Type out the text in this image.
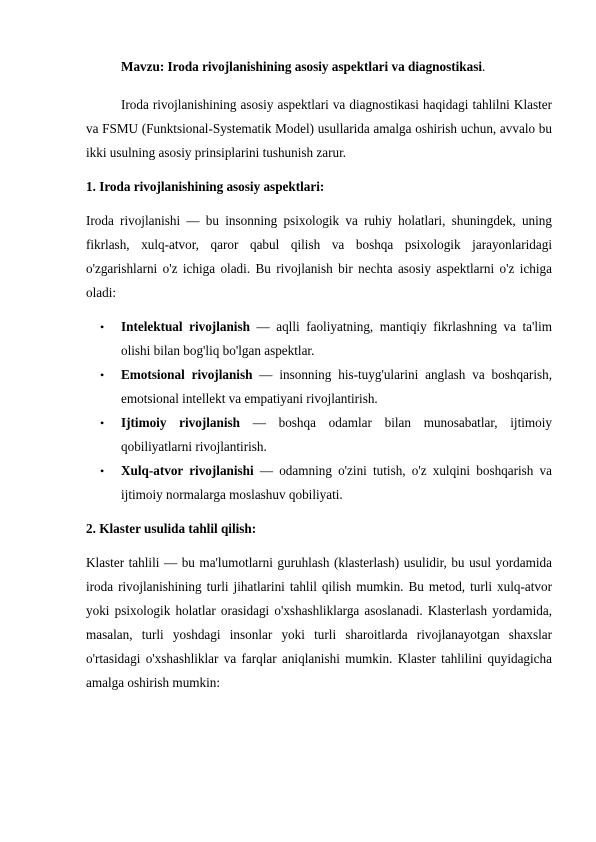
Mavzu: Iroda rivojlanishining asosiy aspektlari va diagnostikasi.

Iroda rivojlanishining asosiy aspektlari va diagnostikasi haqidagi tahlilni Klaster va FSMU (Funktsional-Systematik Model) usullarida amalga oshirish uchun, avvalo bu ikki usulning asosiy prinsiplarini tushunish zarur.

1. Iroda rivojlanishining asosiy aspektlari:

Iroda rivojlanishi — bu insonning psixologik va ruhiy holatlari, shuningdek, uning fikrlash, xulq-atvor, qaror qabul qilish va boshqa psixologik jarayonlaridagi o'zgarishlarni o'z ichiga oladi. Bu rivojlanish bir nechta asosiy aspektlarni o'z ichiga oladi:

• Intelektual rivojlanish — aqlli faoliyatning, mantiqiy fikrlashning va ta'lim olishi bilan bog'liq bo'lgan aspektlar.
• Emotsional rivojlanish — insonning his-tuyg'ularini anglash va boshqarish, emotsional intellekt va empatiyani rivojlantirish.
• Ijtimoiy rivojlanish — boshqa odamlar bilan munosabatlar, ijtimoiy qobiliyatlarni rivojlantirish.
• Xulq-atvor rivojlanishi — odamning o'zini tutish, o'z xulqini boshqarish va ijtimoiy normalarga moslashuv qobiliyati.

2. Klaster usulida tahlil qilish:

Klaster tahlili — bu ma'lumotlarni guruhlash (klasterlash) usulidir, bu usul yordamida iroda rivojlanishining turli jihatlarini tahlil qilish mumkin. Bu metod, turli xulq-atvor yoki psixologik holatlar orasidagi o'xshashliklarga asoslanadi. Klasterlash yordamida, masalan, turli yoshdagi insonlar yoki turli sharoitlarda rivojlanayotgan shaxslar o'rtasidagi o'xshashliklar va farqlar aniqlanishi mumkin. Klaster tahlilini quyidagicha amalga oshirish mumkin:
